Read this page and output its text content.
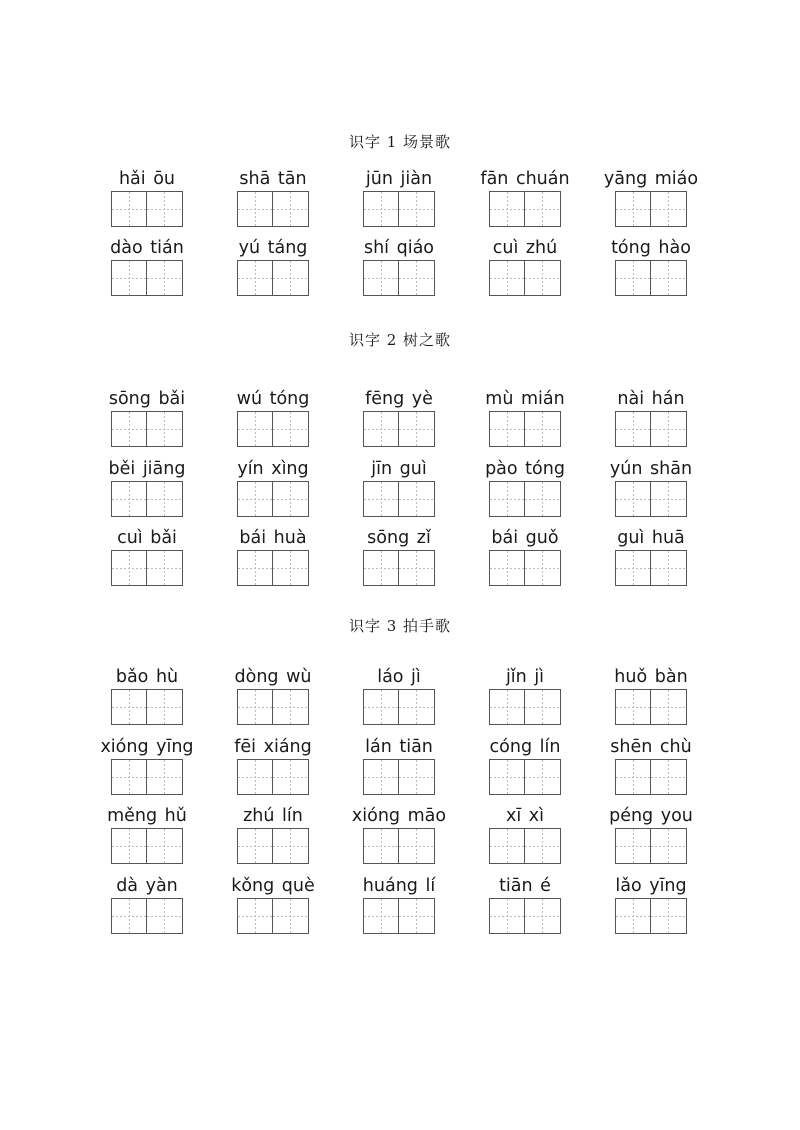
识字 1 场景歌
hǎi ōu	shā tān	jūn jiàn	fān chuán	yāng miáo
dào tián	yú táng	shí qiáo	cuì zhú	tóng hào
识字 2 树之歌
sōng bǎi	wú tóng	fēng yè	mù mián	nài hán
běi jiāng	yín xìng	jīn guì	pào tóng	yún shān
cuì bǎi	bái huà	sōng zǐ	bái guǒ	guì huā
识字 3 拍手歌
bǎo hù	dòng wù	láo jì	jǐn jì	huǒ bàn
xióng yīng	fēi xiáng	lán tiān	cóng lín	shēn chù
měng hǔ	zhú lín	xióng māo	xī xì	péng you
dà yàn	kǒng què	huáng lí	tiān é	lǎo yīng
